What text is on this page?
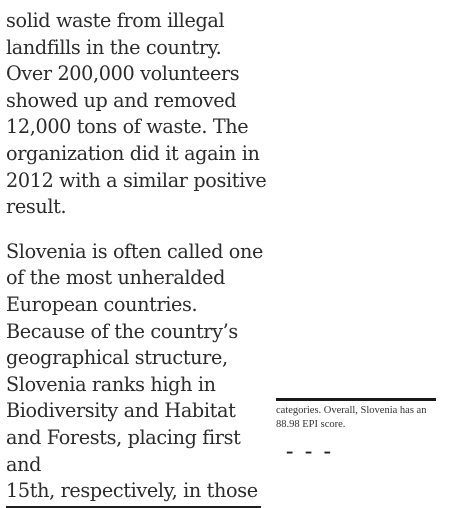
solid waste from illegal landfills in the country. Over 200,000 volunteers showed up and removed 12,000 tons of waste. The organization did it again in 2012 with a similar positive result.

Slovenia is often called one of the most unheralded European countries. Because of the country’s geographical structure, Slovenia ranks high in Biodiversity and Habitat and Forests, placing first and 15th, respectively, in those

categories. Overall, Slovenia has an 88.98 EPI score.
- - -
